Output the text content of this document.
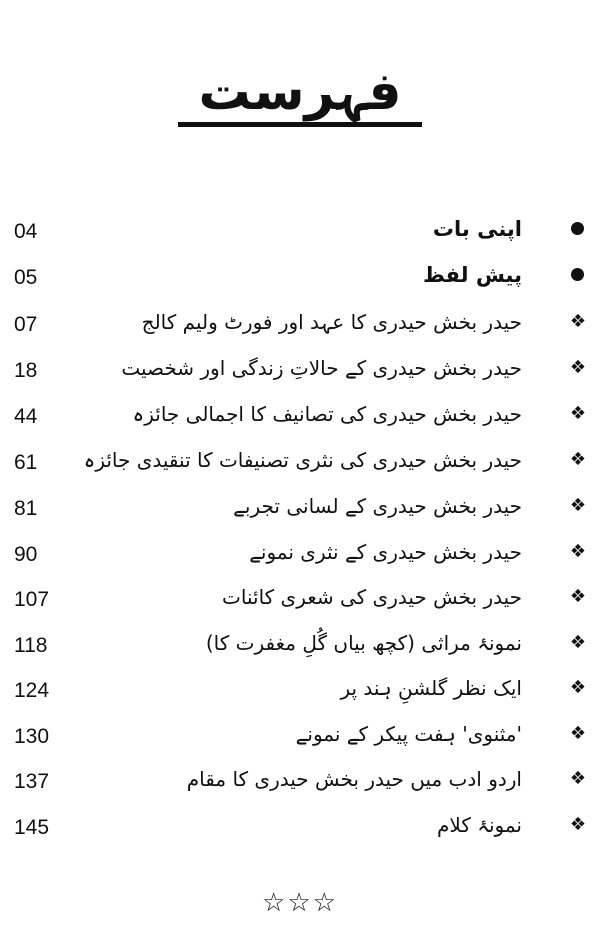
فہرست
اپنی بات
04
پیش لفظ
05
❖
حیدر بخش حیدری کا عہد اور فورٹ ولیم کالج
07
❖
حیدر بخش حیدری کے حالاتِ زندگی اور شخصیت
18
❖
حیدر بخش حیدری کی تصانیف کا اجمالی جائزہ
44
❖
حیدر بخش حیدری کی نثری تصنیفات کا تنقیدی جائزہ
61
❖
حیدر بخش حیدری کے لسانی تجربے
81
❖
حیدر بخش حیدری کے نثری نمونے
90
❖
حیدر بخش حیدری کی شعری کائنات
107
❖
نمونۂ مراثی (کچھ بیاں گُلِ مغفرت کا)
118
❖
ایک نظر گلشنِ ہند پر
124
❖
'مثنوی' ہفت پیکر کے نمونے
130
❖
اردو ادب میں حیدر بخش حیدری کا مقام
137
❖
نمونۂ کلام
145
☆☆☆
